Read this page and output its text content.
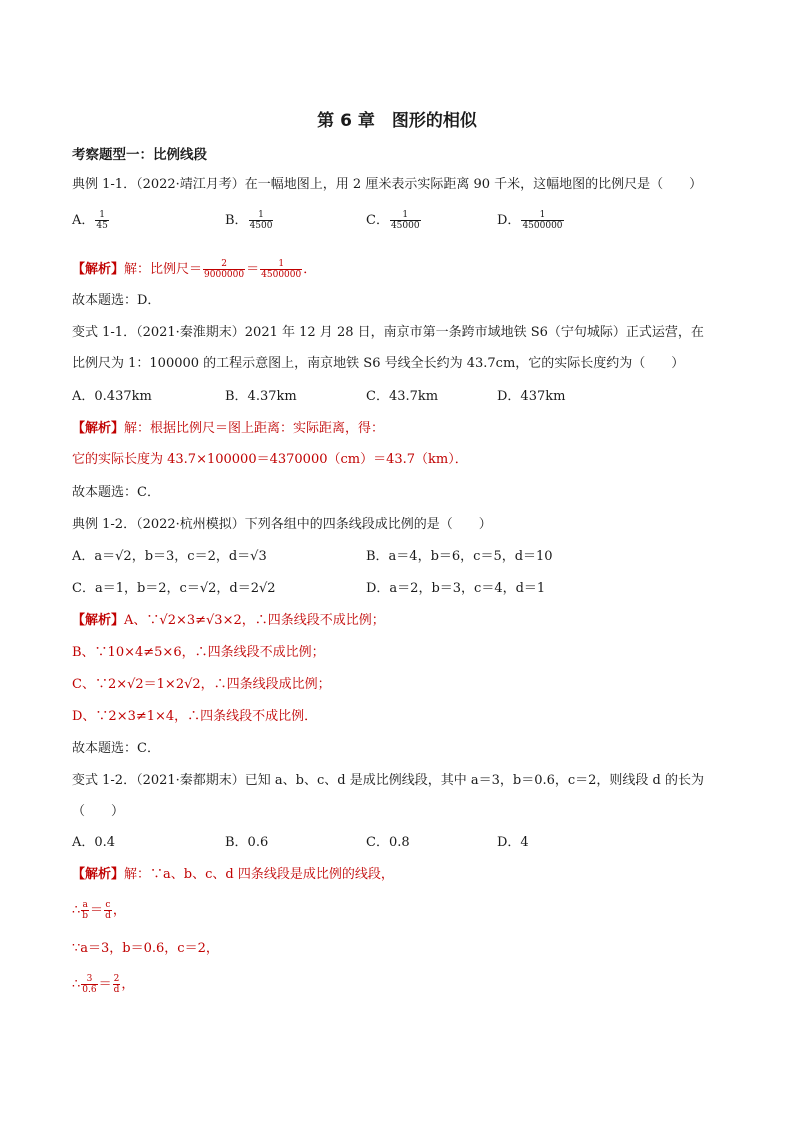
第 6 章　图形的相似
考察题型一：比例线段
典例 1-1．（2022·靖江月考）在一幅地图上，用 2 厘米表示实际距离 90 千米，这幅地图的比例尺是（　　）
A． $\frac{1}{45}$	B． $\frac{1}{4500}$	C． $\frac{1}{45000}$	D． $\frac{1}{4500000}$
【解析】解：比例尺＝ $\frac{2}{9000000} = \frac{1}{4500000}$ ．
故本题选：D．
变式 1-1．（2021·秦淮期末）2021 年 12 月 28 日，南京市第一条跨市域地铁 S6（宁句城际）正式运营，在
比例尺为 1：100000 的工程示意图上，南京地铁 S6 号线全长约为 43.7cm，它的实际长度约为（　　）
A．0.437km	B．4.37km	C．43.7km	D．437km
【解析】解：根据比例尺＝图上距离：实际距离，得：
它的实际长度为 43.7×100000＝4370000（cm）＝43.7（km）．
故本题选：C．
典例 1-2．（2022·杭州模拟）下列各组中的四条线段成比例的是（　　）
A．a＝√2，b＝3，c＝2，d＝√3	B．a＝4，b＝6，c＝5，d＝10
C．a＝1，b＝2，c＝√2，d＝2√2	D．a＝2，b＝3，c＝4，d＝1
【解析】A、∵√2×3≠√3×2，∴四条线段不成比例；
B、∵10×4≠5×6，∴四条线段不成比例；
C、∵2×√2＝1×2√2，∴四条线段成比例；
D、∵2×3≠1×4，∴四条线段不成比例．
故本题选：C．
变式 1-2．（2021·秦都期末）已知 a、b、c、d 是成比例线段，其中 a＝3，b＝0.6，c＝2，则线段 d 的长为
（　　）
A．0.4	B．0.6	C．0.8	D．4
【解析】解：∵a、b、c、d 四条线段是成比例的线段，
∴ $\frac{a}{b} = \frac{c}{d}$ ，
∵a＝3，b＝0.6，c＝2，
∴ $\frac{3}{0.6} = \frac{2}{d}$ ，
